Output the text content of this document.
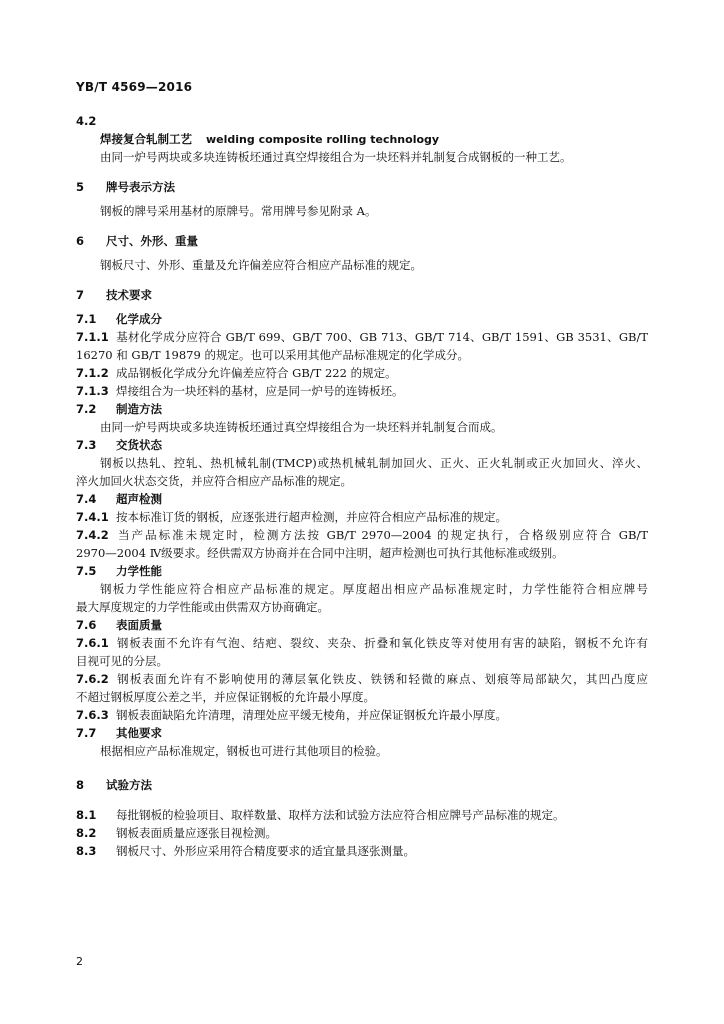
YB/T 4569—2016
4.2
焊接复合轧制工艺 welding composite rolling technology
由同一炉号两块或多块连铸板坯通过真空焊接组合为一块坯料并轧制复合成钢板的一种工艺。
5 牌号表示方法
钢板的牌号采用基材的原牌号。常用牌号参见附录 A。
6 尺寸、外形、重量
钢板尺寸、外形、重量及允许偏差应符合相应产品标准的规定。
7 技术要求
7.1 化学成分
7.1.1 基材化学成分应符合 GB/T 699、GB/T 700、GB 713、GB/T 714、GB/T 1591、GB 3531、GB/T
16270 和 GB/T 19879 的规定。也可以采用其他产品标准规定的化学成分。
7.1.2 成品钢板化学成分允许偏差应符合 GB/T 222 的规定。
7.1.3 焊接组合为一块坯料的基材，应是同一炉号的连铸板坯。
7.2 制造方法
由同一炉号两块或多块连铸板坯通过真空焊接组合为一块坯料并轧制复合而成。
7.3 交货状态
钢板以热轧、控轧、热机械轧制(TMCP)或热机械轧制加回火、正火、正火轧制或正火加回火、淬火、
淬火加回火状态交货，并应符合相应产品标准的规定。
7.4 超声检测
7.4.1 按本标准订货的钢板，应逐张进行超声检测，并应符合相应产品标准的规定。
7.4.2 当产品标准未规定时，检测方法按 GB/T 2970—2004 的规定执行，合格级别应符合 GB/T
2970—2004 Ⅳ级要求。经供需双方协商并在合同中注明，超声检测也可执行其他标准或级别。
7.5 力学性能
钢板力学性能应符合相应产品标准的规定。厚度超出相应产品标准规定时，力学性能符合相应牌号
最大厚度规定的力学性能或由供需双方协商确定。
7.6 表面质量
7.6.1 钢板表面不允许有气泡、结疤、裂纹、夹杂、折叠和氧化铁皮等对使用有害的缺陷，钢板不允许有
目视可见的分层。
7.6.2 钢板表面允许有不影响使用的薄层氧化铁皮、铁锈和轻微的麻点、划痕等局部缺欠，其凹凸度应
不超过钢板厚度公差之半，并应保证钢板的允许最小厚度。
7.6.3 钢板表面缺陷允许清理，清理处应平缓无棱角，并应保证钢板允许最小厚度。
7.7 其他要求
根据相应产品标准规定，钢板也可进行其他项目的检验。
8 试验方法
8.1 每批钢板的检验项目、取样数量、取样方法和试验方法应符合相应牌号产品标准的规定。
8.2 钢板表面质量应逐张目视检测。
8.3 钢板尺寸、外形应采用符合精度要求的适宜量具逐张测量。
2
